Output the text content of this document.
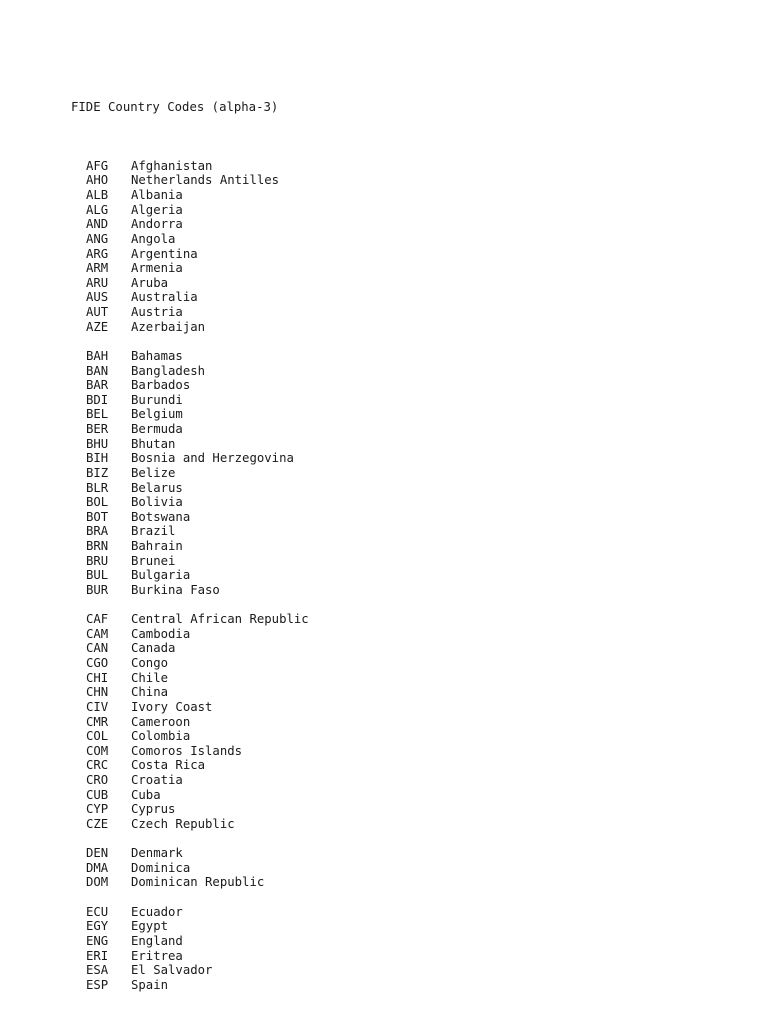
FIDE Country Codes (alpha-3)

AFG	Afghanistan
AHO	Netherlands Antilles
ALB	Albania
ALG	Algeria
AND	Andorra
ANG	Angola
ARG	Argentina
ARM	Armenia
ARU	Aruba
AUS	Australia
AUT	Austria
AZE	Azerbaijan
BAH	Bahamas
BAN	Bangladesh
BAR	Barbados
BDI	Burundi
BEL	Belgium
BER	Bermuda
BHU	Bhutan
BIH	Bosnia and Herzegovina
BIZ	Belize
BLR	Belarus
BOL	Bolivia
BOT	Botswana
BRA	Brazil
BRN	Bahrain
BRU	Brunei
BUL	Bulgaria
BUR	Burkina Faso
CAF	Central African Republic
CAM	Cambodia
CAN	Canada
CGO	Congo
CHI	Chile
CHN	China
CIV	Ivory Coast
CMR	Cameroon
COL	Colombia
COM	Comoros Islands
CRC	Costa Rica
CRO	Croatia
CUB	Cuba
CYP	Cyprus
CZE	Czech Republic
DEN	Denmark
DMA	Dominica
DOM	Dominican Republic
ECU	Ecuador
EGY	Egypt
ENG	England
ERI	Eritrea
ESA	El Salvador
ESP	Spain
